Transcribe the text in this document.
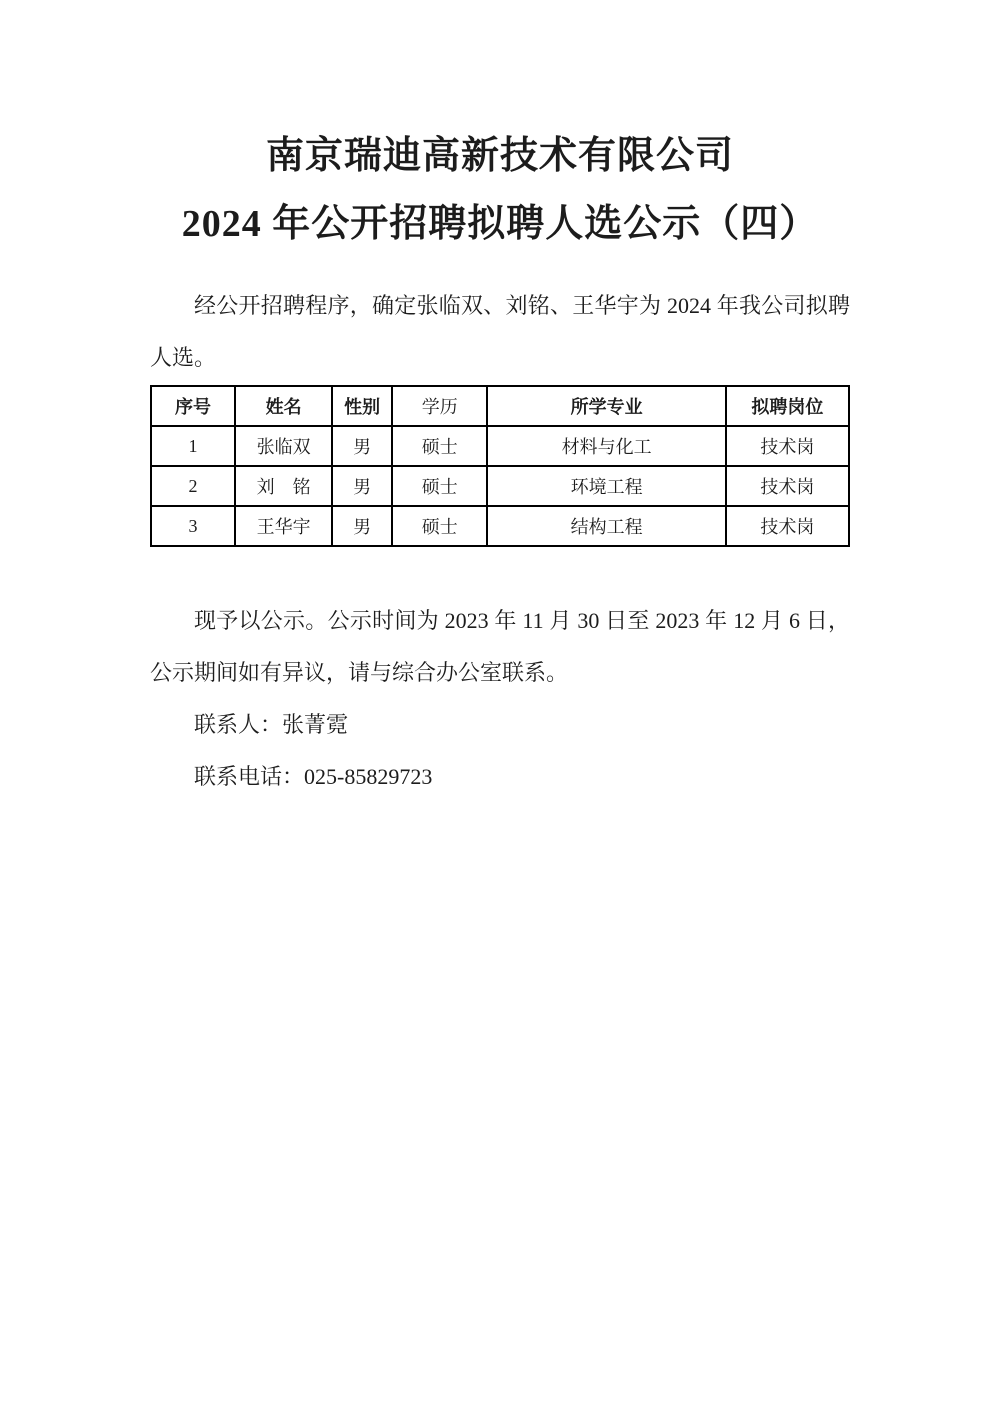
南京瑞迪高新技术有限公司
2024 年公开招聘拟聘人选公示（四）

经公开招聘程序，确定张临双、刘铭、王华宇为 2024 年我公司拟聘人选。

序号	姓名	性别	学历	所学专业	拟聘岗位
1	张临双	男	硕士	材料与化工	技术岗
2	刘　铭	男	硕士	环境工程	技术岗
3	王华宇	男	硕士	结构工程	技术岗

现予以公示。公示时间为 2023 年 11 月 30 日至 2023 年 12 月 6 日，公示期间如有异议，请与综合办公室联系。

联系人：张菁霓

联系电话：025-85829723
